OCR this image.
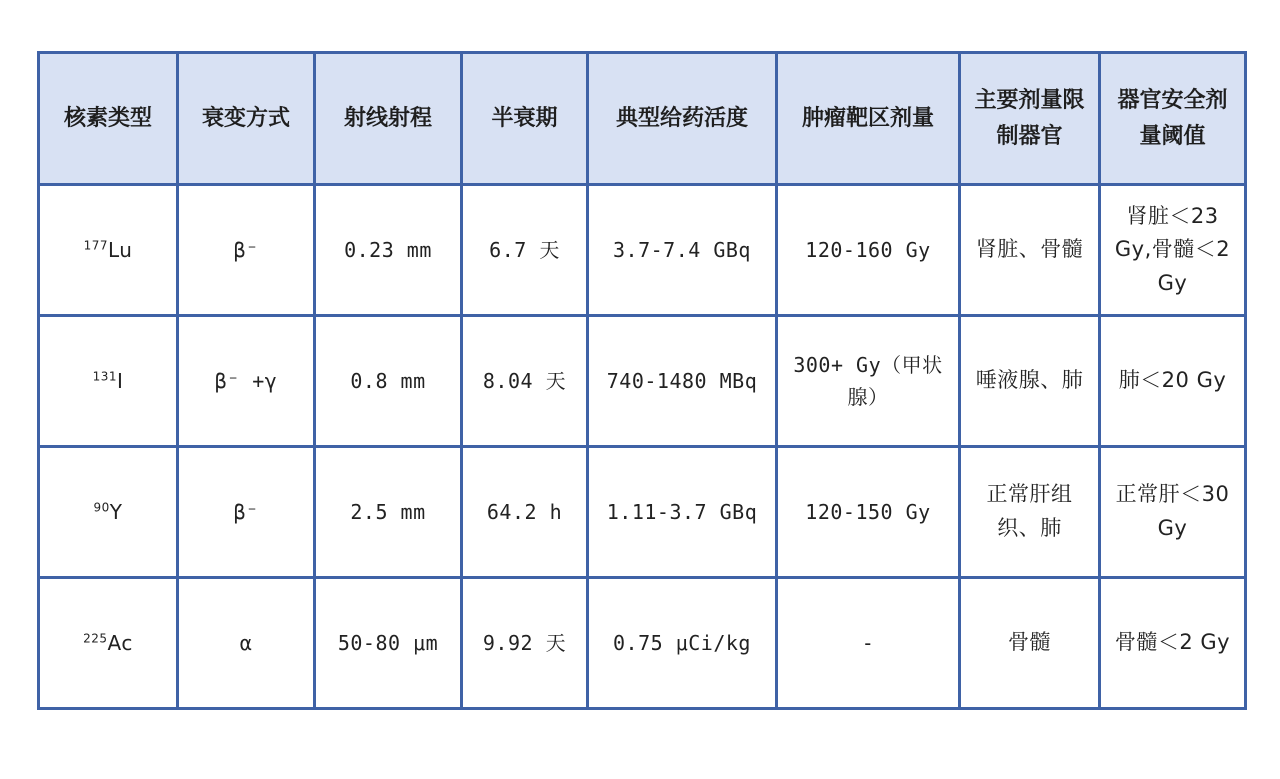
核素类型	衰变方式	射线射程	半衰期	典型给药活度	肿瘤靶区剂量	主要剂量限制器官	器官安全剂量阈值
$^{177}$Lu	β⁻	0.23 mm	6.7 天	3.7-7.4 GBq	120-160 Gy	肾脏、骨髓	肾脏＜23 Gy,骨髓＜2 Gy
$^{131}$I	β⁻ +γ	0.8 mm	8.04 天	740-1480 MBq	300+ Gy（甲状腺）	唾液腺、肺	肺＜20 Gy
$^{90}$Y	β⁻	2.5 mm	64.2 h	1.11-3.7 GBq	120-150 Gy	正常肝组织、肺	正常肝＜30 Gy
$^{225}$Ac	α	50-80 μm	9.92 天	0.75 μCi/kg	-	骨髓	骨髓＜2 Gy
